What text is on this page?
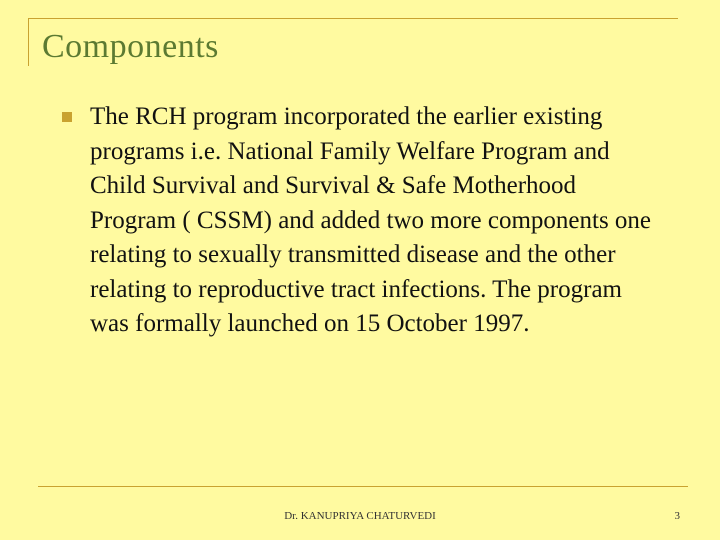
Components

The RCH program incorporated the earlier existing programs i.e. National Family Welfare Program and Child Survival and Survival & Safe Motherhood Program ( CSSM) and added two more components one relating to sexually transmitted disease and the other relating to reproductive tract infections. The program was formally launched on 15 October 1997.

Dr. KANUPRIYA CHATURVEDI	3
